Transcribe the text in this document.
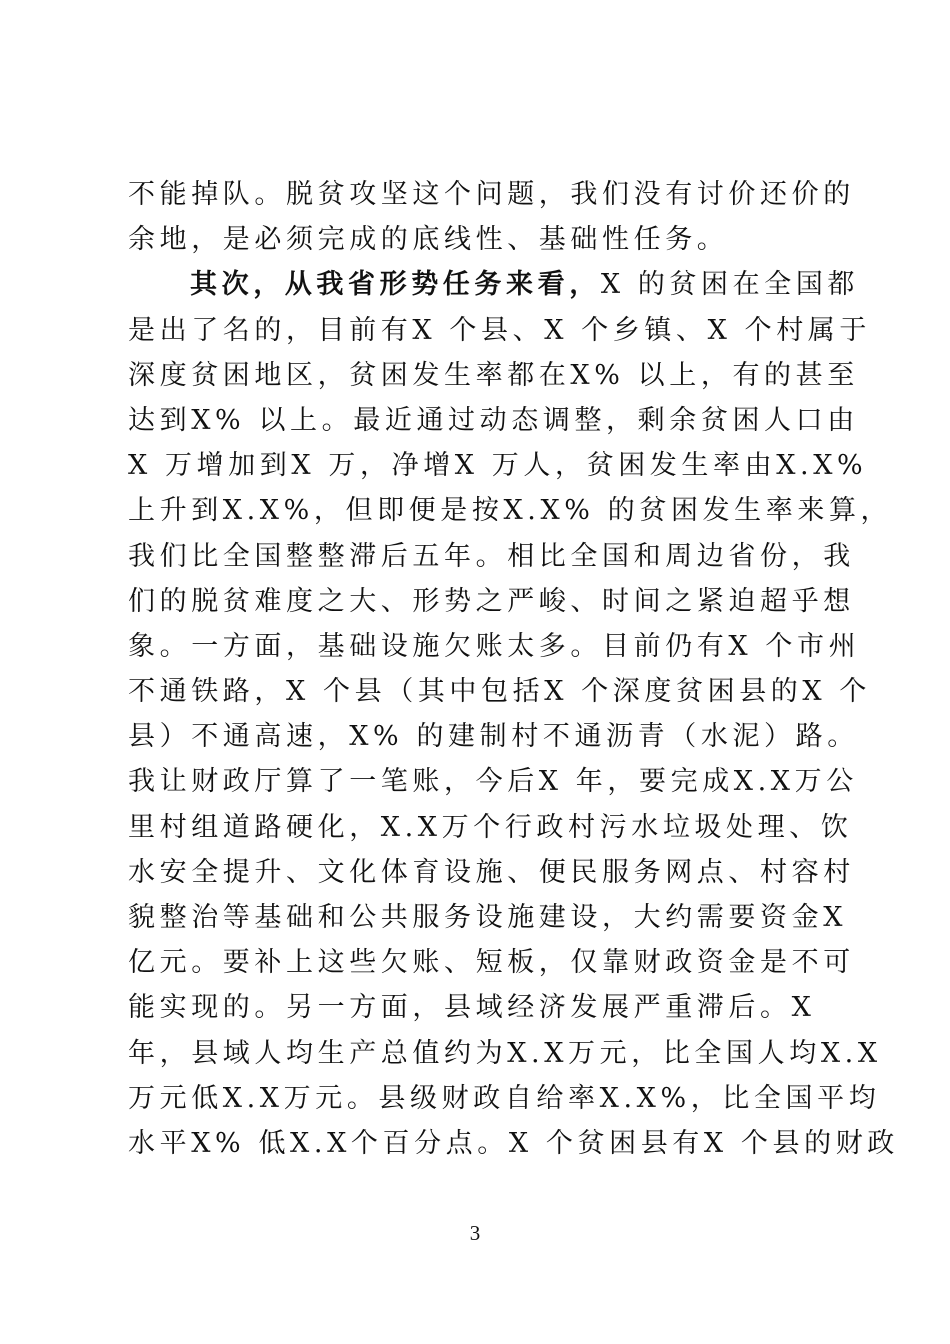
不能掉队。脱贫攻坚这个问题，我们没有讨价还价的
余地，是必须完成的底线性、基础性任务。
其次，从我省形势任务来看，X 的贫困在全国都
是出了名的，目前有X 个县、X 个乡镇、X 个村属于
深度贫困地区，贫困发生率都在X% 以上，有的甚至
达到X% 以上。最近通过动态调整，剩余贫困人口由
X 万增加到X 万，净增X 万人，贫困发生率由X.X%
上升到X.X%，但即便是按X.X% 的贫困发生率来算，
我们比全国整整滞后五年。相比全国和周边省份，我
们的脱贫难度之大、形势之严峻、时间之紧迫超乎想
象。一方面，基础设施欠账太多。目前仍有X 个市州
不通铁路，X 个县（其中包括X 个深度贫困县的X 个
县）不通高速，X% 的建制村不通沥青（水泥）路。
我让财政厅算了一笔账，今后X 年，要完成X.X万公
里村组道路硬化，X.X万个行政村污水垃圾处理、饮
水安全提升、文化体育设施、便民服务网点、村容村
貌整治等基础和公共服务设施建设，大约需要资金X
亿元。要补上这些欠账、短板，仅靠财政资金是不可
能实现的。另一方面，县域经济发展严重滞后。X
年，县域人均生产总值约为X.X万元，比全国人均X.X
万元低X.X万元。县级财政自给率X.X%，比全国平均
水平X% 低X.X个百分点。X 个贫困县有X 个县的财政
3
